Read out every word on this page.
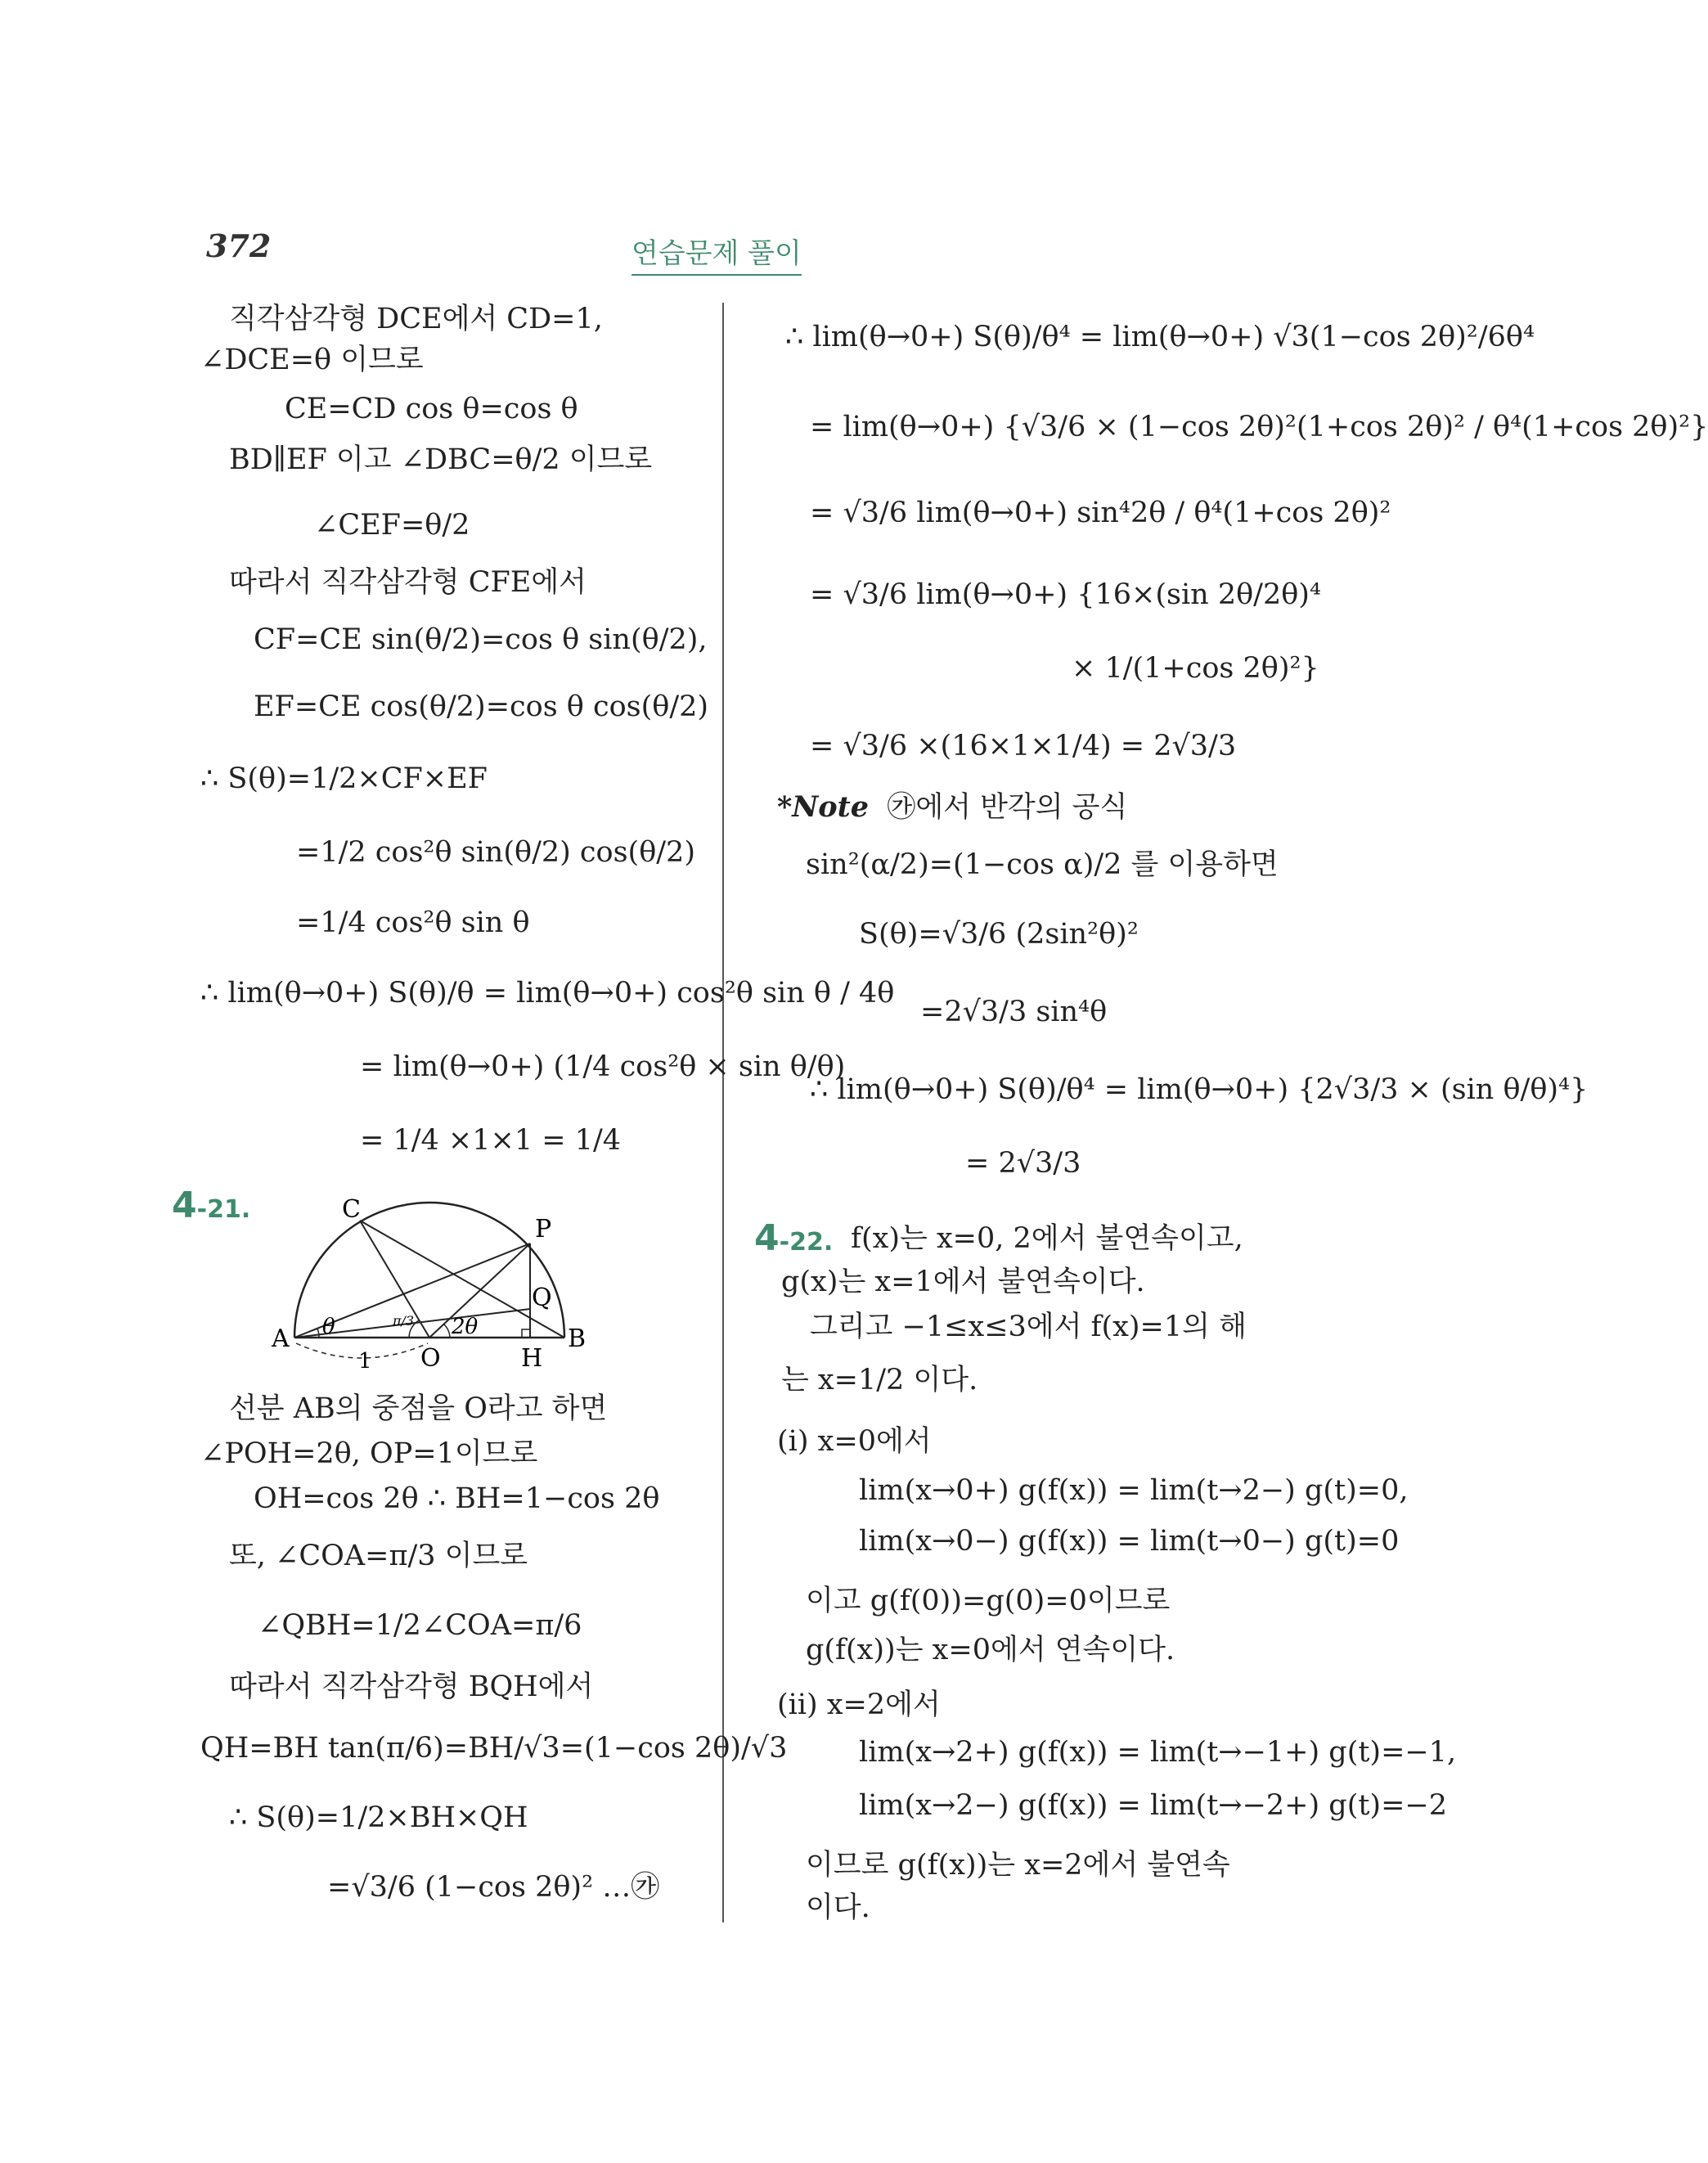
372	연습문제 풀이
직각삼각형 DCE에서 CD=1,
∠DCE=θ 이므로
CE=CD cos θ=cos θ
BD∥EF 이고 ∠DBC=θ/2 이므로
∠CEF=θ/2
따라서 직각삼각형 CFE에서
CF=CE sin(θ/2)=cos θ sin(θ/2),
EF=CE cos(θ/2)=cos θ cos(θ/2)
∴ S(θ)=1/2×CF×EF
=1/2 cos²θ sin(θ/2) cos(θ/2)
=1/4 cos²θ sin θ
∴ lim(θ→0+) S(θ)/θ = lim(θ→0+) cos²θ sin θ / 4θ
= lim(θ→0+) (1/4 cos²θ × sin θ/θ)
= 1/4 ×1×1 = 1/4
4-21.	C
P
Q
A	B
O	H
θ	2θ
π/3
1
선분 AB의 중점을 O라고 하면
∠POH=2θ, OP=1이므로
OH=cos 2θ ∴ BH=1−cos 2θ
또, ∠COA=π/3 이므로
∠QBH=1/2∠COA=π/6
따라서 직각삼각형 BQH에서
QH=BH tan(π/6)=BH/√3=(1−cos 2θ)/√3
∴ S(θ)=1/2×BH×QH
=√3/6 (1−cos 2θ)² …㉮
∴ lim(θ→0+) S(θ)/θ⁴ = lim(θ→0+) √3(1−cos 2θ)²/6θ⁴
= lim(θ→0+) {√3/6 × (1−cos 2θ)²(1+cos 2θ)² / θ⁴(1+cos 2θ)²}
= √3/6 lim(θ→0+) sin⁴2θ / θ⁴(1+cos 2θ)²
= √3/6 lim(θ→0+) {16×(sin 2θ/2θ)⁴
× 1/(1+cos 2θ)²}
= √3/6 ×(16×1×1/4) = 2√3/3
*Note ㉮에서 반각의 공식
sin²(α/2)=(1−cos α)/2 를 이용하면
S(θ)=√3/6 (2sin²θ)²
=2√3/3 sin⁴θ
∴ lim(θ→0+) S(θ)/θ⁴ = lim(θ→0+) {2√3/3 × (sin θ/θ)⁴}
= 2√3/3
4-22. f(x)는 x=0, 2에서 불연속이고,
g(x)는 x=1에서 불연속이다.
그리고 −1≤x≤3에서 f(x)=1의 해
는 x=1/2 이다.
(ⅰ) x=0에서
lim(x→0+) g(f(x)) = lim(t→2−) g(t)=0,
lim(x→0−) g(f(x)) = lim(t→0−) g(t)=0
이고 g(f(0))=g(0)=0이므로
g(f(x))는 x=0에서 연속이다.
(ⅱ) x=2에서
lim(x→2+) g(f(x)) = lim(t→−1+) g(t)=−1,
lim(x→2−) g(f(x)) = lim(t→−2+) g(t)=−2
이므로 g(f(x))는 x=2에서 불연속
이다.
